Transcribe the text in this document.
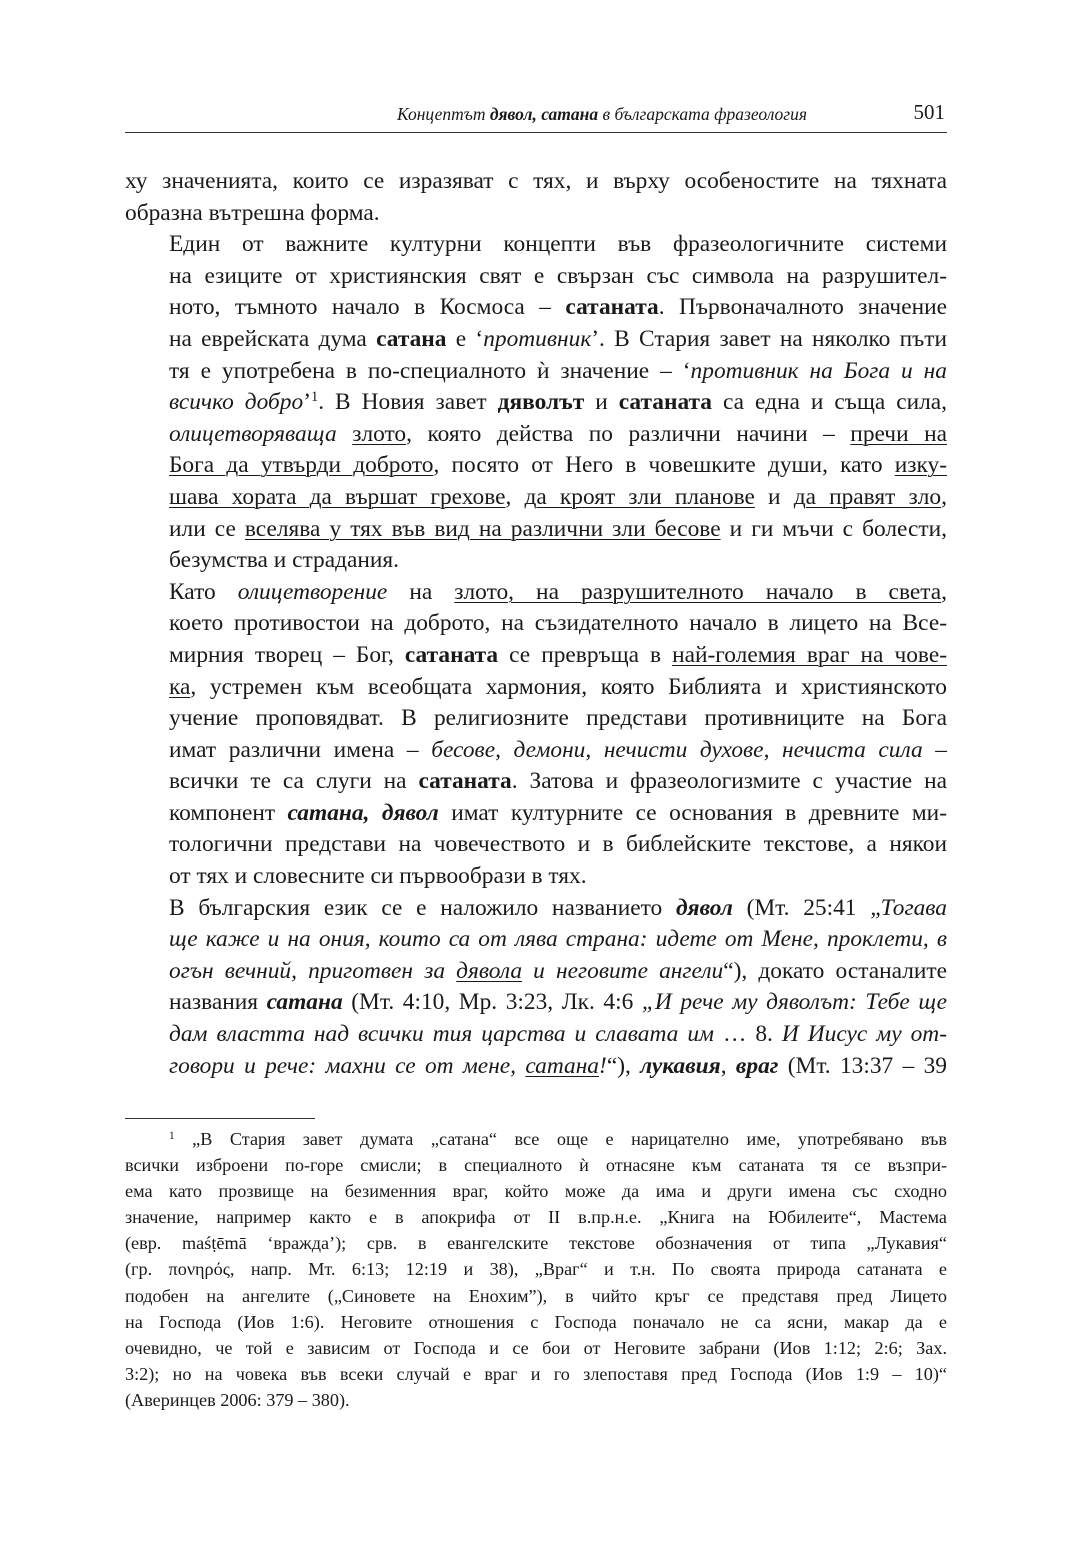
Концептът дявол, сатана в българската фразеология	501

ху значенията, които се изразяват с тях, и върху особеностите на тяхната
образна вътрешна форма.

Един от важните културни концепти във фразеологичните системи
на езиците от християнския свят е свързан със символа на разрушител-
ното, тъмното начало в Космоса – сатаната. Първоначалното значение
на еврейската дума сатана е ‘противник’. В Стария завет на няколко пъти
тя е употребена в по-специалното ѝ значение – ‘противник на Бога и на
всичко добро’$^1$. В Новия завет дяволът и сатаната са една и съща сила,
олицетворяваща злото, която действа по различни начини – пречи на
Бога да утвърди доброто, посято от Него в човешките души, като изку-
шава хората да вършат грехове, да кроят зли планове и да правят зло,
или се вселява у тях във вид на различни зли бесове и ги мъчи с болести,
безумства и страдания.

Като олицетворение на злото, на разрушителното начало в света,
което противостои на доброто, на съзидателното начало в лицето на Все-
мирния творец – Бог, сатаната се превръща в най-големия враг на чове-
ка, устремен към всеобщата хармония, която Библията и християнското
учение проповядват. В религиозните представи противниците на Бога
имат различни имена – бесове, демони, нечисти духове, нечиста сила –
всички те са слуги на сатаната. Затова и фразеологизмите с участие на
компонент сатана, дявол имат културните се основания в древните ми-
тологични представи на човечеството и в библейските текстове, а някои
от тях и словесните си първообрази в тях.

В българския език се е наложило названието дявол (Мт. 25:41 „Тогава
ще каже и на ония, които са от лява страна: идете от Мене, проклети, в
огън вечний, приготвен за дявола и неговите ангели“), докато останалите
названия сатана (Мт. 4:10, Мр. 3:23, Лк. 4:6 „И рече му дяволът: Тебе ще
дам властта над всички тия царства и славата им … 8. И Иисус му от-
говори и рече: махни се от мене, сатана!“), лукавия, враг (Мт. 13:37 – 39

$^1$ „В Стария завет думата „сатана“ все още е нарицателно име, употребявано във
всички изброени по-горе смисли; в специалното ѝ отнасяне към сатаната тя се възпри-
ема като прозвище на безименния враг, който може да има и други имена със сходно
значение, например както е в апокрифа от II в.пр.н.е. „Книга на Юбилеите“, Мастема
(евр. maśṭēmā ‘вражда’); срв. в евангелските текстове обозначения от типа „Лукавия“
(гр. πονηρός, напр. Мт. 6:13; 12:19 и 38), „Враг“ и т.н. По своята природа сатаната е
подобен на ангелите („Синовете на Енохим”), в чийто кръг се представя пред Лицето
на Господа (Иов 1:6). Неговите отношения с Господа поначало не са ясни, макар да е
очевидно, че той е зависим от Господа и се бои от Неговите забрани (Иов 1:12; 2:6; Зах.
3:2); но на човека във всеки случай е враг и го злепоставя пред Господа (Иов 1:9 – 10)“
(Аверинцев 2006: 379 – 380).
